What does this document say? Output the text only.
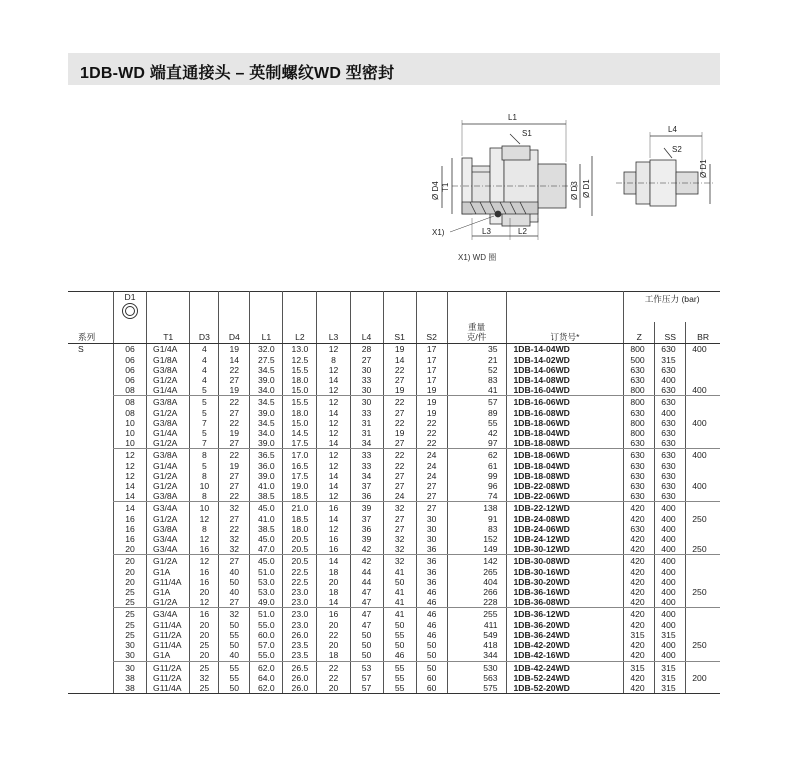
1DB-WD 端直通接头 – 英制螺纹WD 型密封
L1
S1
T1
Ø D4	Ø D3 Ø D1
X1)	L3	L2
L4
S2
Ø D1
X1) WD 圈

	D1												工作压力 (bar)		
系列		T1	D3	D4	L1	L2	L3	L4	S1	S2	重量
克/件	订货号*	Z	SS	BR
S	06	G1/4A	4	19	32.0	13.0	12	28	19	17	35	1DB-14-04WD	800	630	400
	06	G1/8A	4	14	27.5	12.5	8	27	14	17	21	1DB-14-02WD	500	315	
	06	G3/8A	4	22	34.5	15.5	12	30	22	17	52	1DB-14-06WD	630	630	
	06	G1/2A	4	27	39.0	18.0	14	33	27	17	83	1DB-14-08WD	630	400	
	08	G1/4A	5	19	34.0	15.0	12	30	19	19	41	1DB-16-04WD	800	630	400
	08	G3/8A	5	22	34.5	15.5	12	30	22	19	57	1DB-16-06WD	800	630	
	08	G1/2A	5	27	39.0	18.0	14	33	27	19	89	1DB-16-08WD	630	400	
	10	G3/8A	7	22	34.5	15.0	12	31	22	22	55	1DB-18-06WD	800	630	400
	10	G1/4A	5	19	34.0	14.5	12	31	19	22	42	1DB-18-04WD	800	630	
	10	G1/2A	7	27	39.0	17.5	14	34	27	22	97	1DB-18-08WD	630	630	
	12	G3/8A	8	22	36.5	17.0	12	33	22	24	62	1DB-18-06WD	630	630	400
	12	G1/4A	5	19	36.0	16.5	12	33	22	24	61	1DB-18-04WD	630	630	
	12	G1/2A	8	27	39.0	17.5	14	34	27	24	99	1DB-18-08WD	630	630	
	14	G1/2A	10	27	41.0	19.0	14	37	27	27	96	1DB-22-08WD	630	630	400
	14	G3/8A	8	22	38.5	18.5	12	36	24	27	74	1DB-22-06WD	630	630	
	14	G3/4A	10	32	45.0	21.0	16	39	32	27	138	1DB-22-12WD	420	400	
	16	G1/2A	12	27	41.0	18.5	14	37	27	30	91	1DB-24-08WD	420	400	250
	16	G3/8A	8	22	38.5	18.0	12	36	27	30	83	1DB-24-06WD	630	400	
	16	G3/4A	12	32	45.0	20.5	16	39	32	30	152	1DB-24-12WD	420	400	
	20	G3/4A	16	32	47.0	20.5	16	42	32	36	149	1DB-30-12WD	420	400	250
	20	G1/2A	12	27	45.0	20.5	14	42	32	36	142	1DB-30-08WD	420	400	
	20	G1A	16	40	51.0	22.5	18	44	41	36	265	1DB-30-16WD	420	400	
	20	G11/4A	16	50	53.0	22.5	20	44	50	36	404	1DB-30-20WD	420	400	
	25	G1A	20	40	53.0	23.0	18	47	41	46	266	1DB-36-16WD	420	400	250
	25	G1/2A	12	27	49.0	23.0	14	47	41	46	228	1DB-36-08WD	420	400	
	25	G3/4A	16	32	51.0	23.0	16	47	41	46	255	1DB-36-12WD	420	400	
	25	G11/4A	20	50	55.0	23.0	20	47	50	46	411	1DB-36-20WD	420	400	
	25	G11/2A	20	55	60.0	26.0	22	50	55	46	549	1DB-36-24WD	315	315	
	30	G11/4A	25	50	57.0	23.5	20	50	50	50	418	1DB-42-20WD	420	400	250
	30	G1A	20	40	55.0	23.5	18	50	46	50	344	1DB-42-16WD	420	400	
	30	G11/2A	25	55	62.0	26.5	22	53	55	50	530	1DB-42-24WD	315	315	
	38	G11/2A	32	55	64.0	26.0	22	57	55	60	563	1DB-52-24WD	420	315	200
	38	G11/4A	25	50	62.0	26.0	20	57	55	60	575	1DB-52-20WD	420	315	
